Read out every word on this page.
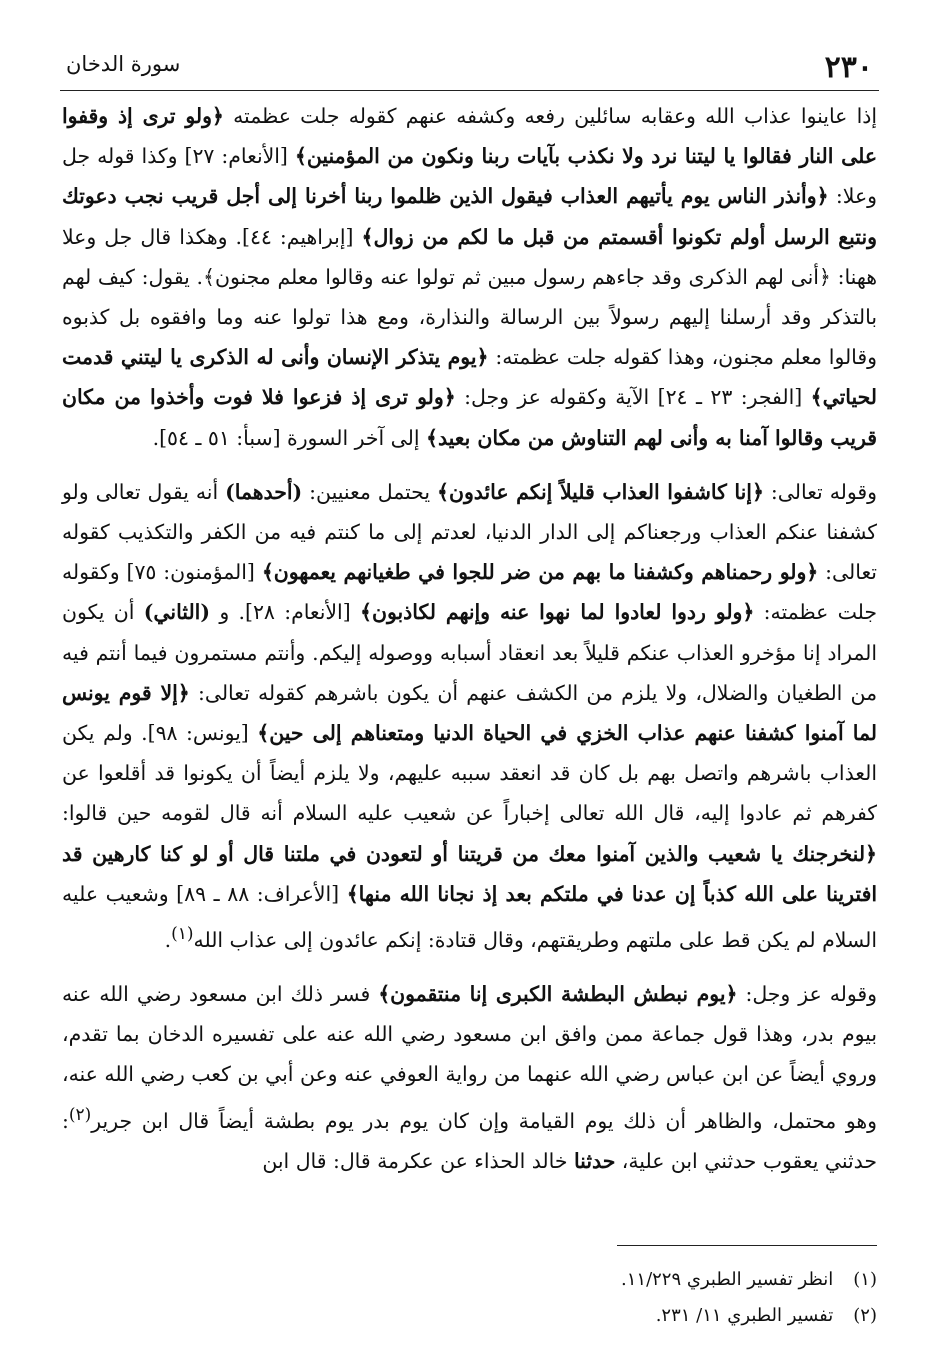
٢٣٠
سورة الدخان

إذا عاينوا عذاب الله وعقابه سائلين رفعه وكشفه عنهم كقوله جلت عظمته ﴿ولو ترى إذ وقفوا على النار فقالوا يا ليتنا نرد ولا نكذب بآيات ربنا ونكون من المؤمنين﴾ [الأنعام: ٢٧] وكذا قوله جل وعلا: ﴿وأنذر الناس يوم يأتيهم العذاب فيقول الذين ظلموا ربنا أخرنا إلى أجل قريب نجب دعوتك ونتبع الرسل أولم تكونوا أقسمتم من قبل ما لكم من زوال﴾ [إبراهيم: ٤٤]. وهكذا قال جل وعلا ههنا: ﴿أنى لهم الذكرى وقد جاءهم رسول مبين ثم تولوا عنه وقالوا معلم مجنون﴾. يقول: كيف لهم بالتذكر وقد أرسلنا إليهم رسولاً بين الرسالة والنذارة، ومع هذا تولوا عنه وما وافقوه بل كذبوه وقالوا معلم مجنون، وهذا كقوله جلت عظمته: ﴿يوم يتذكر الإنسان وأنى له الذكرى يا ليتني قدمت لحياتي﴾ [الفجر: ٢٣ ـ ٢٤] الآية وكقوله عز وجل: ﴿ولو ترى إذ فزعوا فلا فوت وأخذوا من مكان قريب وقالوا آمنا به وأنى لهم التناوش من مكان بعيد﴾ إلى آخر السورة [سبأ: ٥١ ـ ٥٤].

وقوله تعالى: ﴿إنا كاشفوا العذاب قليلاً إنكم عائدون﴾ يحتمل معنيين: (أحدهما) أنه يقول تعالى ولو كشفنا عنكم العذاب ورجعناكم إلى الدار الدنيا، لعدتم إلى ما كنتم فيه من الكفر والتكذيب كقوله تعالى: ﴿ولو رحمناهم وكشفنا ما بهم من ضر للجوا في طغيانهم يعمهون﴾ [المؤمنون: ٧٥] وكقوله جلت عظمته: ﴿ولو ردوا لعادوا لما نهوا عنه وإنهم لكاذبون﴾ [الأنعام: ٢٨]. و (الثاني) أن يكون المراد إنا مؤخرو العذاب عنكم قليلاً بعد انعقاد أسبابه ووصوله إليكم. وأنتم مستمرون فيما أنتم فيه من الطغيان والضلال، ولا يلزم من الكشف عنهم أن يكون باشرهم كقوله تعالى: ﴿إلا قوم يونس لما آمنوا كشفنا عنهم عذاب الخزي في الحياة الدنيا ومتعناهم إلى حين﴾ [يونس: ٩٨]. ولم يكن العذاب باشرهم واتصل بهم بل كان قد انعقد سببه عليهم، ولا يلزم أيضاً أن يكونوا قد أقلعوا عن كفرهم ثم عادوا إليه، قال الله تعالى إخباراً عن شعيب عليه السلام أنه قال لقومه حين قالوا: ﴿لنخرجنك يا شعيب والذين آمنوا معك من قريتنا أو لتعودن في ملتنا قال أو لو كنا كارهين قد افترينا على الله كذباً إن عدنا في ملتكم بعد إذ نجانا الله منها﴾ [الأعراف: ٨٨ ـ ٨٩] وشعيب عليه السلام لم يكن قط على ملتهم وطريقتهم، وقال قتادة: إنكم عائدون إلى عذاب الله$^{(١)}$.

وقوله عز وجل: ﴿يوم نبطش البطشة الكبرى إنا منتقمون﴾ فسر ذلك ابن مسعود رضي الله عنه بيوم بدر، وهذا قول جماعة ممن وافق ابن مسعود رضي الله عنه على تفسيره الدخان بما تقدم، وروي أيضاً عن ابن عباس رضي الله عنهما من رواية العوفي عنه وعن أبي بن كعب رضي الله عنه، وهو محتمل، والظاهر أن ذلك يوم القيامة وإن كان يوم بدر يوم بطشة أيضاً قال ابن جرير$^{(٢)}$: حدثني يعقوب حدثني ابن علية، حدثنا خالد الحذاء عن عكرمة قال: قال ابن

(١) انظر تفسير الطبري ١١/٢٢٩.
(٢) تفسير الطبري ١١/ ٢٣١.
